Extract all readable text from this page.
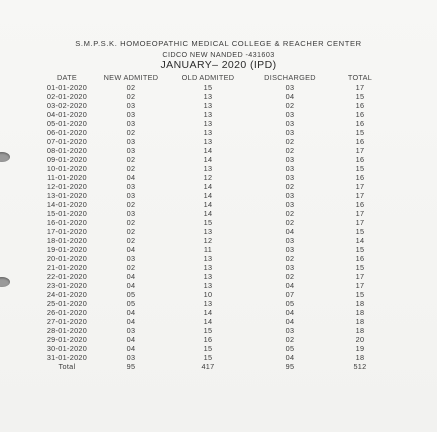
S.M.P.S.K. HOMOEOPATHIC MEDICAL COLLEGE & REACHER CENTER
CIDCO NEW NANDED -431603
JANUARY– 2020 (IPD)
DATE	NEW ADMITED	OLD ADMITED	DISCHARGED	TOTAL
01-01-2020	02	15	03	17
02-01-2020	02	13	04	15
03-02-2020	03	13	02	16
04-01-2020	03	13	03	16
05-01-2020	03	13	03	16
06-01-2020	02	13	03	15
07-01-2020	03	13	02	16
08-01-2020	03	14	02	17
09-01-2020	02	14	03	16
10-01-2020	02	13	03	15
11-01-2020	04	12	03	16
12-01-2020	03	14	02	17
13-01-2020	03	14	03	17
14-01-2020	02	14	03	16
15-01-2020	03	14	02	17
16-01-2020	02	15	02	17
17-01-2020	02	13	04	15
18-01-2020	02	12	03	14
19-01-2020	04	11	03	15
20-01-2020	03	13	02	16
21-01-2020	02	13	03	15
22-01-2020	04	13	02	17
23-01-2020	04	13	04	17
24-01-2020	05	10	07	15
25-01-2020	05	13	05	18
26-01-2020	04	14	04	18
27-01-2020	04	14	04	18
28-01-2020	03	15	03	18
29-01-2020	04	16	02	20
30-01-2020	04	15	05	19
31-01-2020	03	15	04	18
Total	95	417	95	512
